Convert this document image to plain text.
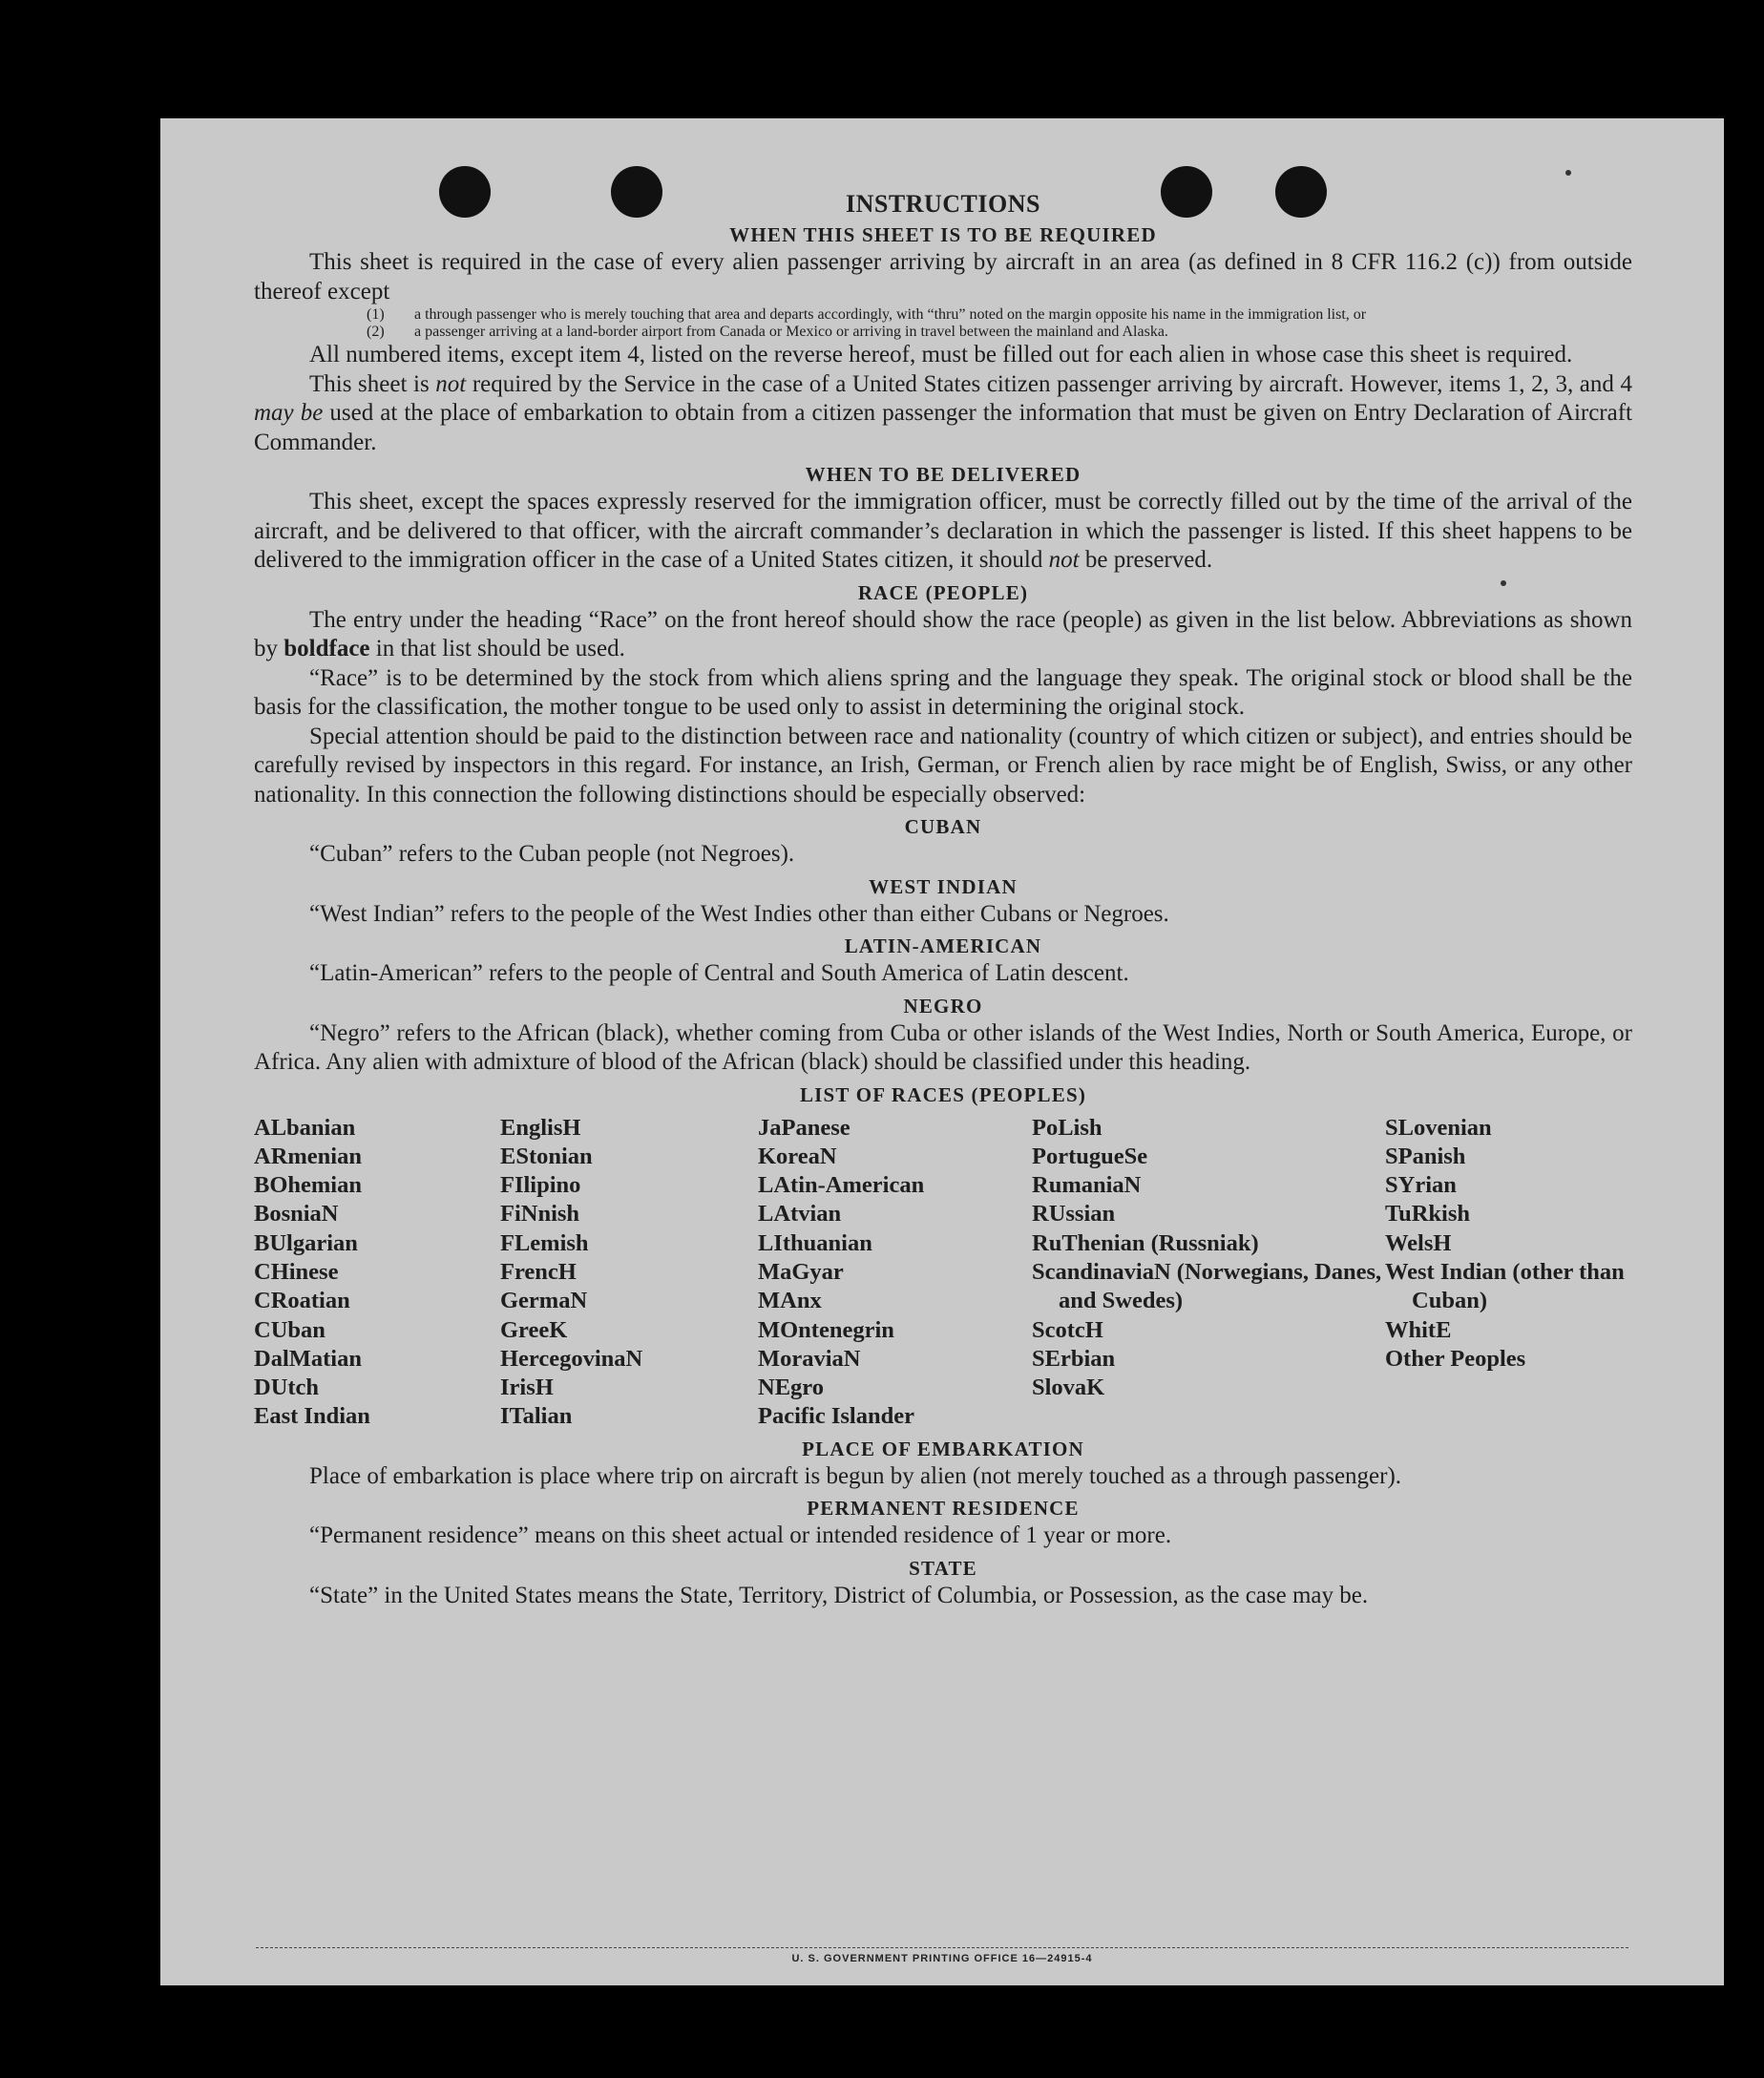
INSTRUCTIONS
WHEN THIS SHEET IS TO BE REQUIRED

This sheet is required in the case of every alien passenger arriving by aircraft in an area (as defined in 8 CFR 116.2 (c)) from outside thereof except

(1)	a through passenger who is merely touching that area and departs accordingly, with “thru” noted on the margin opposite his name in the immigration list, or
(2)	a passenger arriving at a land-border airport from Canada or Mexico or arriving in travel between the mainland and Alaska.

All numbered items, except item 4, listed on the reverse hereof, must be filled out for each alien in whose case this sheet is required.

This sheet is not required by the Service in the case of a United States citizen passenger arriving by aircraft. However, items 1, 2, 3, and 4 may be used at the place of embarkation to obtain from a citizen passenger the information that must be given on Entry Declaration of Aircraft Commander.

WHEN TO BE DELIVERED

This sheet, except the spaces expressly reserved for the immigration officer, must be correctly filled out by the time of the arrival of the aircraft, and be delivered to that officer, with the aircraft commander’s declaration in which the passenger is listed. If this sheet happens to be delivered to the immigration officer in the case of a United States citizen, it should not be preserved.

RACE (PEOPLE)

The entry under the heading “Race” on the front hereof should show the race (people) as given in the list below. Abbreviations as shown by boldface in that list should be used.

“Race” is to be determined by the stock from which aliens spring and the language they speak. The original stock or blood shall be the basis for the classification, the mother tongue to be used only to assist in determining the original stock.

Special attention should be paid to the distinction between race and nationality (country of which citizen or subject), and entries should be carefully revised by inspectors in this regard. For instance, an Irish, German, or French alien by race might be of English, Swiss, or any other nationality. In this connection the following distinctions should be especially observed:

CUBAN

“Cuban” refers to the Cuban people (not Negroes).

WEST INDIAN

“West Indian” refers to the people of the West Indies other than either Cubans or Negroes.

LATIN-AMERICAN

“Latin-American” refers to the people of Central and South America of Latin descent.

NEGRO

“Negro” refers to the African (black), whether coming from Cuba or other islands of the West Indies, North or South America, Europe, or Africa. Any alien with admixture of blood of the African (black) should be classified under this heading.

LIST OF RACES (PEOPLES)
ALbanian
ARmenian
BOhemian
BosniaN
BUlgarian
CHinese
CRoatian
CUban
DalMatian
DUtch
East Indian
EnglisH
EStonian
FIlipino
FiNnish
FLemish
FrencH
GermaN
GreeK
HercegovinaN
IrisH
ITalian
JaPanese
KoreaN
LAtin-American
LAtvian
LIthuanian
MaGyar
MAnx
MOntenegrin
MoraviaN
NEgro
Pacific Islander
PoLish
PortugueSe
RumaniaN
RUssian
RuThenian (Russniak)
ScandinaviaN (Norwegians, Danes, and Swedes)
ScotcH
SErbian
SlovaK
SLovenian
SPanish
SYrian
TuRkish
WelsH
West Indian (other than Cuban)
WhitE
Other Peoples
PLACE OF EMBARKATION

Place of embarkation is place where trip on aircraft is begun by alien (not merely touched as a through passenger).

PERMANENT RESIDENCE

“Permanent residence” means on this sheet actual or intended residence of 1 year or more.

STATE

“State” in the United States means the State, Territory, District of Columbia, or Possession, as the case may be.

U. S. GOVERNMENT PRINTING OFFICE 16—24915-4
